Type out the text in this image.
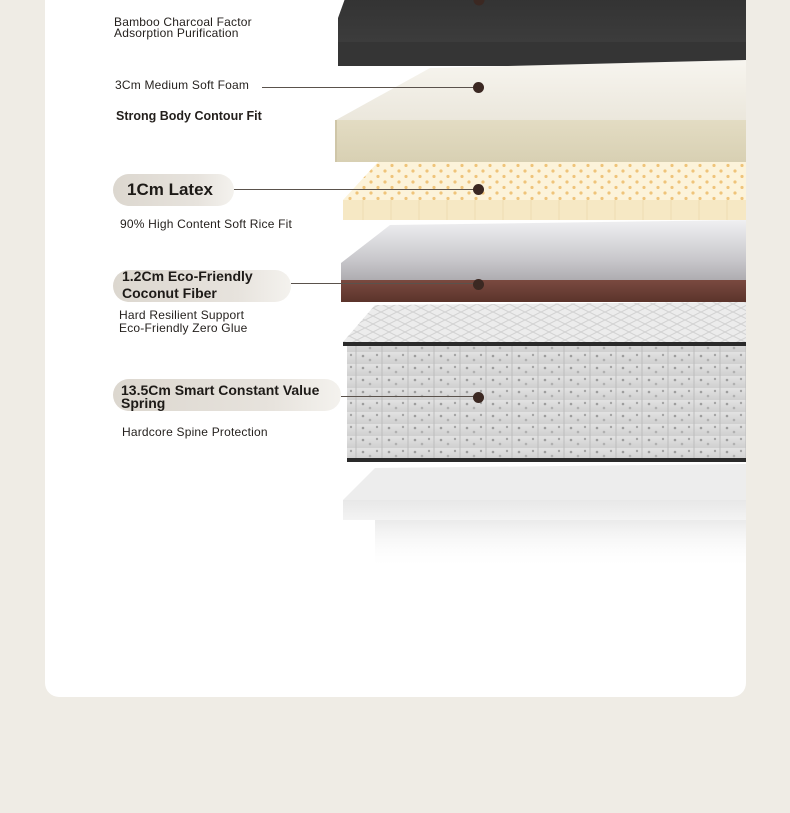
Bamboo Charcoal Factor
Adsorption Purification
3Cm Medium Soft Foam
Strong Body Contour Fit
1Cm Latex
90% High Content Soft Rice Fit
1.2Cm Eco-Friendly
Coconut Fiber
Hard Resilient Support
Eco-Friendly Zero Glue
13.5Cm Smart Constant Value
Spring
Hardcore Spine Protection
